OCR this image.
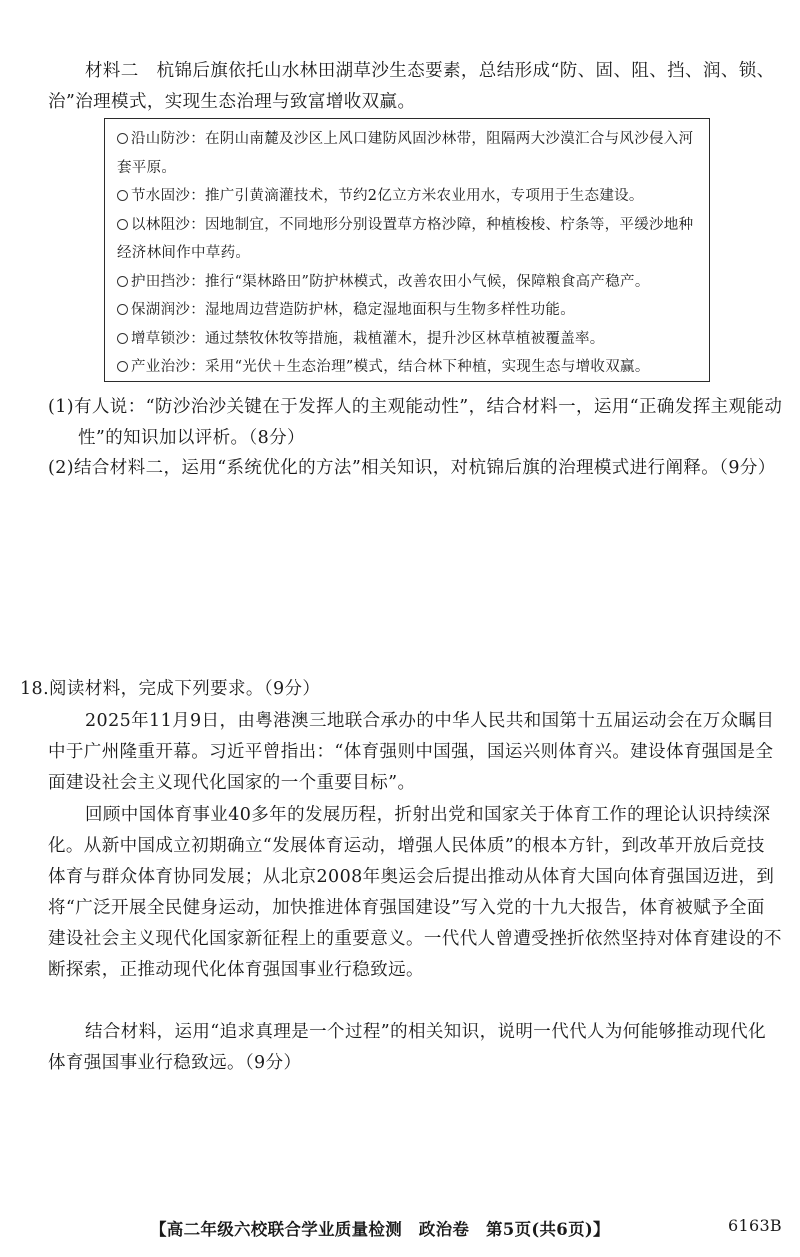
材料二　杭锦后旗依托山水林田湖草沙生态要素，总结形成“防、固、阻、挡、润、锁、治”治理模式，实现生态治理与致富增收双赢。
沿山防沙：在阴山南麓及沙区上风口建防风固沙林带，阻隔两大沙漠汇合与风沙侵入河套平原。
节水固沙：推广引黄滴灌技术，节约2亿立方米农业用水，专项用于生态建设。
以林阻沙：因地制宜，不同地形分别设置草方格沙障，种植梭梭、柠条等，平缓沙地种经济林间作中草药。
护田挡沙：推行“渠林路田”防护林模式，改善农田小气候，保障粮食高产稳产。
保湖润沙：湿地周边营造防护林，稳定湿地面积与生物多样性功能。
增草锁沙：通过禁牧休牧等措施，栽植灌木，提升沙区林草植被覆盖率。
产业治沙：采用“光伏＋生态治理”模式，结合林下种植，实现生态与增收双赢。
(1)有人说：“防沙治沙关键在于发挥人的主观能动性”，结合材料一，运用“正确发挥主观能动性”的知识加以评析。（8分）
(2)结合材料二，运用“系统优化的方法”相关知识，对杭锦后旗的治理模式进行阐释。（9分）
18.阅读材料，完成下列要求。（9分）
2025年11月9日，由粤港澳三地联合承办的中华人民共和国第十五届运动会在万众瞩目中于广州隆重开幕。习近平曾指出：“体育强则中国强，国运兴则体育兴。建设体育强国是全面建设社会主义现代化国家的一个重要目标”。
回顾中国体育事业40多年的发展历程，折射出党和国家关于体育工作的理论认识持续深化。从新中国成立初期确立“发展体育运动，增强人民体质”的根本方针，到改革开放后竞技体育与群众体育协同发展；从北京2008年奥运会后提出推动从体育大国向体育强国迈进，到将“广泛开展全民健身运动，加快推进体育强国建设”写入党的十九大报告，体育被赋予全面建设社会主义现代化国家新征程上的重要意义。一代代人曾遭受挫折依然坚持对体育建设的不断探索，正推动现代化体育强国事业行稳致远。
结合材料，运用“追求真理是一个过程”的相关知识，说明一代代人为何能够推动现代化体育强国事业行稳致远。（9分）
【高二年级六校联合学业质量检测　政治卷　第5页(共6页)】	6163B
